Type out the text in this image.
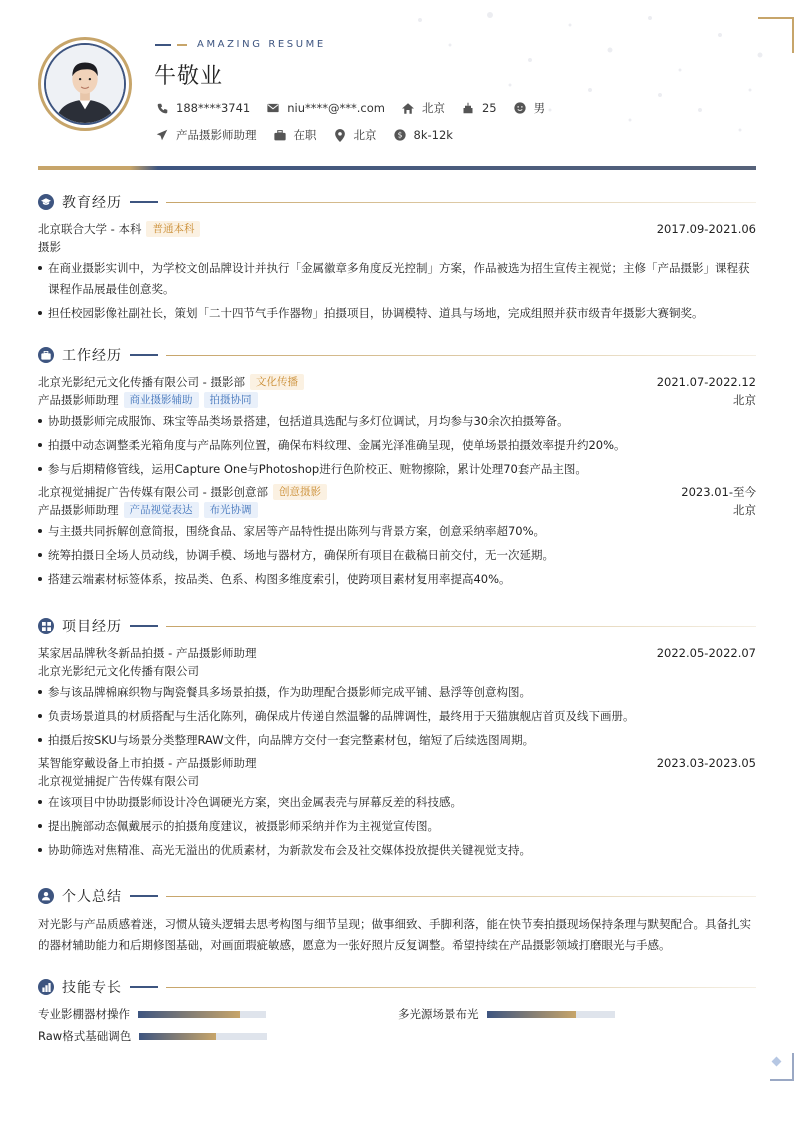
AMAZING RESUME
牛敬业
188****3741	niu****@***.com	北京	25	男
产品摄影师助理	在职	北京 $ 8k-12k
教育经历
北京联合大学 - 本科	普通本科	2017.09-2021.06
摄影
在商业摄影实训中，为学校文创品牌设计并执行「金属徽章多角度反光控制」方案，作品被选为招生宣传主视觉；主修「产品摄影」课程获课程作品展最佳创意奖。
担任校园影像社副社长，策划「二十四节气手作器物」拍摄项目，协调模特、道具与场地，完成组照并获市级青年摄影大赛铜奖。
工作经历
北京光影纪元文化传播有限公司 - 摄影部	文化传播	2021.07-2022.12
产品摄影师助理	商业摄影辅助	拍摄协同	北京
协助摄影师完成服饰、珠宝等品类场景搭建，包括道具选配与多灯位调试，月均参与30余次拍摄筹备。
拍摄中动态调整柔光箱角度与产品陈列位置，确保布料纹理、金属光泽准确呈现，使单场景拍摄效率提升约20%。
参与后期精修管线，运用Capture One与Photoshop进行色阶校正、赃物擦除，累计处理70套产品主图。
北京视觉捕捉广告传媒有限公司 - 摄影创意部	创意摄影	2023.01-至今
产品摄影师助理	产品视觉表达	布光协调	北京
与主摄共同拆解创意简报，围绕食品、家居等产品特性提出陈列与背景方案，创意采纳率超70%。
统筹拍摄日全场人员动线，协调手模、场地与器材方，确保所有项目在截稿日前交付，无一次延期。
搭建云端素材标签体系，按品类、色系、构图多维度索引，使跨项目素材复用率提高40%。
项目经历
某家居品牌秋冬新品拍摄 - 产品摄影师助理	2022.05-2022.07
北京光影纪元文化传播有限公司
参与该品牌棉麻织物与陶瓷餐具多场景拍摄，作为助理配合摄影师完成平铺、悬浮等创意构图。
负责场景道具的材质搭配与生活化陈列，确保成片传递自然温馨的品牌调性，最终用于天猫旗舰店首页及线下画册。
拍摄后按SKU与场景分类整理RAW文件，向品牌方交付一套完整素材包，缩短了后续选图周期。
某智能穿戴设备上市拍摄 - 产品摄影师助理	2023.03-2023.05
北京视觉捕捉广告传媒有限公司
在该项目中协助摄影师设计冷色调硬光方案，突出金属表壳与屏幕反差的科技感。
提出腕部动态佩戴展示的拍摄角度建议，被摄影师采纳并作为主视觉宣传图。
协助筛选对焦精准、高光无溢出的优质素材，为新款发布会及社交媒体投放提供关键视觉支持。
个人总结

对光影与产品质感着迷，习惯从镜头逻辑去思考构图与细节呈现；做事细致、手脚利落，能在快节奏拍摄现场保持条理与默契配合。具备扎实的器材辅助能力和后期修图基础，对画面瑕疵敏感，愿意为一张好照片反复调整。希望持续在产品摄影领域打磨眼光与手感。

技能专长
专业影棚器材操作	多光源场景布光
Raw格式基础调色
